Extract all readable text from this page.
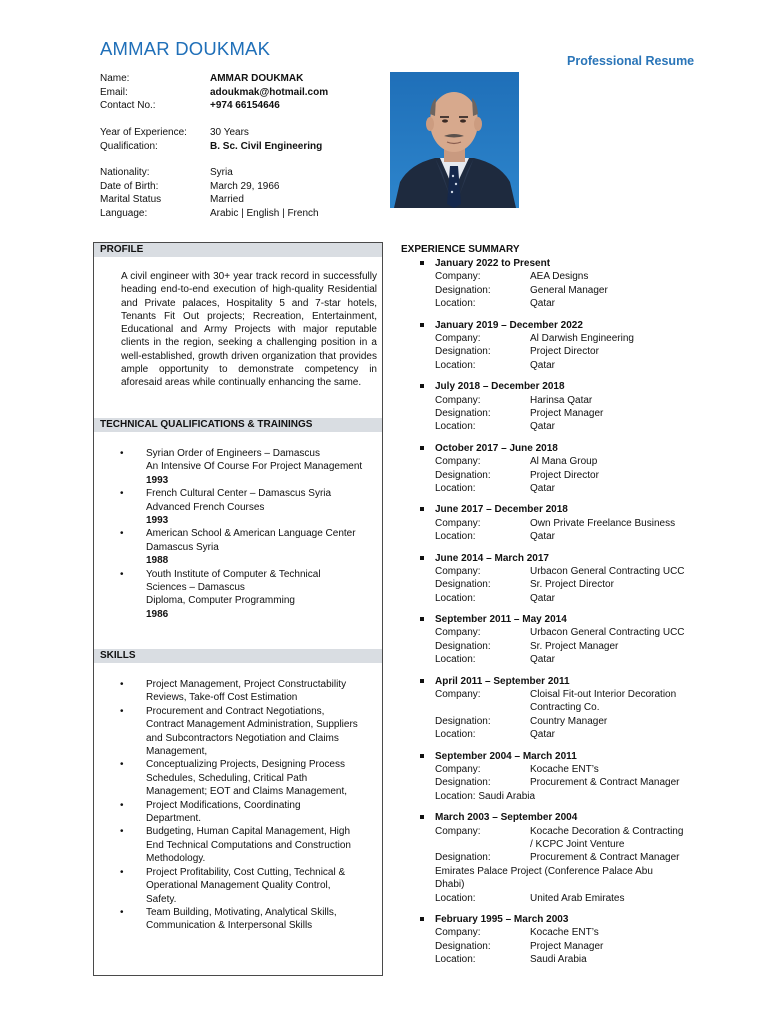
AMMAR DOUKMAK
Professional Resume
Name:	AMMAR DOUKMAK
Email:	adoukmak@hotmail.com
Contact No.:	+974 66154646
Year of Experience: 30 Years
Qualification:	B. Sc. Civil Engineering
Nationality:	Syria
Date of Birth:	March 29, 1966
Marital Status	Married
Language:	Arabic | English | French
PROFILE
A civil engineer with 30+ year track record in successfully heading end-to-end execution of high-quality Residential and Private palaces, Hospitality 5 and 7-star hotels, Tenants Fit Out projects; Recreation, Entertainment, Educational and Army Projects with major reputable clients in the region, seeking a challenging position in a well-established, growth driven organization that provides ample opportunity to demonstrate competency in aforesaid areas while continually enhancing the same.
TECHNICAL QUALIFICATIONS & TRAININGS
• Syrian Order of Engineers – Damascus
An Intensive Of Course For Project Management
1993
• French Cultural Center – Damascus Syria
Advanced French Courses
1993
• American School & American Language Center
Damascus Syria
1988
• Youth Institute of Computer & Technical
Sciences – Damascus
Diploma, Computer Programming
1986
SKILLS
• Project Management, Project Constructability
Reviews, Take-off Cost Estimation
• Procurement and Contract Negotiations,
Contract Management Administration, Suppliers
and Subcontractors Negotiation and Claims
Management,
• Conceptualizing Projects, Designing Process
Schedules, Scheduling, Critical Path
Management; EOT and Claims Management,
• Project Modifications, Coordinating
Department.
• Budgeting, Human Capital Management, High
End Technical Computations and Construction
Methodology.
• Project Profitability, Cost Cutting, Technical &
Operational Management Quality Control,
Safety.
• Team Building, Motivating, Analytical Skills,
Communication & Interpersonal Skills
EXPERIENCE SUMMARY
January 2022 to Present
Company:	AEA Designs
Designation:	General Manager
Location:	Qatar
January 2019 – December 2022
Company:	Al Darwish Engineering
Designation:	Project Director
Location:	Qatar
July 2018 – December 2018
Company:	Harinsa Qatar
Designation:	Project Manager
Location:	Qatar
October 2017 – June 2018
Company:	Al Mana Group
Designation:	Project Director
Location:	Qatar
June 2017 – December 2018
Company:	Own Private Freelance Business
Location:	Qatar
June 2014 – March 2017
Company:	Urbacon General Contracting UCC
Designation:	Sr. Project Director
Location:	Qatar
September 2011 – May 2014
Company:	Urbacon General Contracting UCC
Designation:	Sr. Project Manager
Location:	Qatar
April 2011 – September 2011
Company:	Cloisal Fit-out Interior Decoration
Contracting Co.
Designation:	Country Manager
Location:	Qatar
September 2004 – March 2011
Company:	Kocache ENT’s
Designation:	Procurement & Contract Manager
Location: Saudi Arabia
March 2003 – September 2004
Company:	Kocache Decoration & Contracting
/ KCPC Joint Venture
Designation:	Procurement & Contract Manager
Emirates Palace Project (Conference Palace Abu
Dhabi)
Location:	United Arab Emirates
February 1995 – March 2003
Company:	Kocache ENT’s
Designation:	Project Manager
Location:	Saudi Arabia
